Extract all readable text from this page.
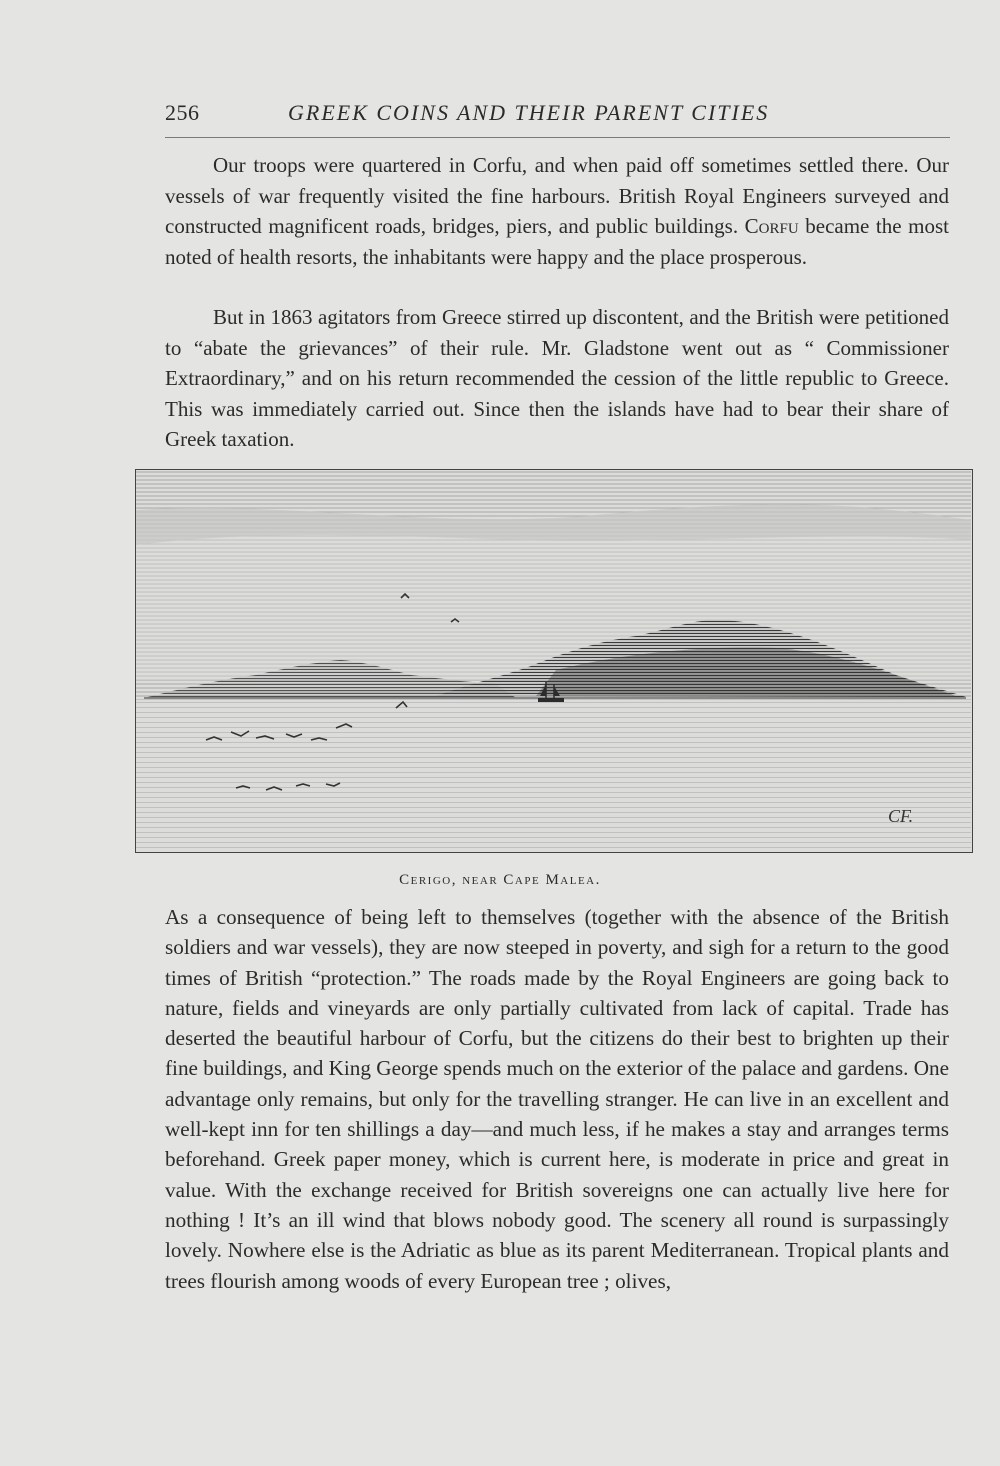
256	GREEK COINS AND THEIR PARENT CITIES

Our troops were quartered in Corfu, and when paid off sometimes settled there. Our vessels of war frequently visited the fine harbours. British Royal Engineers surveyed and constructed magnificent roads, bridges, piers, and public buildings. Corfu became the most noted of health resorts, the inhabitants were happy and the place prosperous.

But in 1863 agitators from Greece stirred up discontent, and the British were petitioned to “abate the grievances” of their rule. Mr. Gladstone went out as “ Commissioner Extraordinary,” and on his return recommended the cession of the little republic to Greece. This was immediately carried out. Since then the islands have had to bear their share of Greek taxation.

CF.
Cerigo, near Cape Malea.

As a consequence of being left to themselves (together with the absence of the British soldiers and war vessels), they are now steeped in poverty, and sigh for a return to the good times of British “protection.” The roads made by the Royal Engineers are going back to nature, fields and vineyards are only partially cultivated from lack of capital. Trade has deserted the beautiful harbour of Corfu, but the citizens do their best to brighten up their fine buildings, and King George spends much on the exterior of the palace and gardens. One advantage only remains, but only for the travelling stranger. He can live in an excellent and well-kept inn for ten shillings a day—and much less, if he makes a stay and arranges terms beforehand. Greek paper money, which is current here, is moderate in price and great in value. With the exchange received for British sovereigns one can actually live here for nothing ! It’s an ill wind that blows nobody good. The scenery all round is surpassingly lovely. Nowhere else is the Adriatic as blue as its parent Mediterranean. Tropical plants and trees flourish among woods of every European tree ; olives,
